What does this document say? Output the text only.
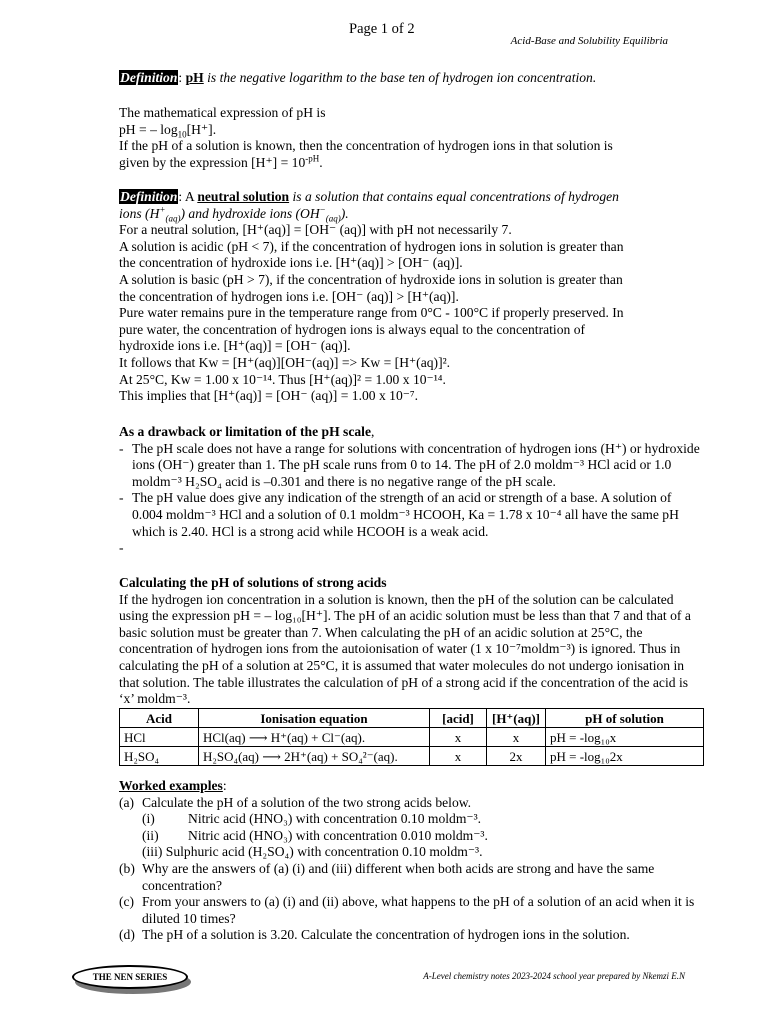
Page 1 of 2
Acid-Base and Solubility Equilibria
Definition: pH is the negative logarithm to the base ten of hydrogen ion concentration.
The mathematical expression of pH is
pH = – $\log_{10}[H^+]$.
If the pH of a solution is known, then the concentration of hydrogen ions in that solution is
given by the expression $[H^+] = 10^{-pH}$.
Definition: A neutral solution is a solution that contains equal concentrations of hydrogen
ions $(H^+_{(aq)})$ and hydroxide ions $(OH^-_{(aq)})$.
For a neutral solution, [H⁺(aq)] = [OH⁻ (aq)] with pH not necessarily 7.
A solution is acidic (pH < 7), if the concentration of hydrogen ions in solution is greater than
the concentration of hydroxide ions i.e. [H⁺(aq)] > [OH⁻ (aq)].
A solution is basic (pH > 7), if the concentration of hydroxide ions in solution is greater than
the concentration of hydrogen ions i.e. [OH⁻ (aq)] > [H⁺(aq)].
Pure water remains pure in the temperature range from 0°C - 100°C if properly preserved. In
pure water, the concentration of hydrogen ions is always equal to the concentration of
hydroxide ions i.e. [H⁺(aq)] = [OH⁻ (aq)].
It follows that Kw = [H⁺(aq)][OH⁻(aq)] => Kw = [H⁺(aq)]².
At 25°C, Kw = 1.00 x 10⁻¹⁴. Thus [H⁺(aq)]² = 1.00 x 10⁻¹⁴.
This implies that [H⁺(aq)] = [OH⁻ (aq)] = 1.00 x 10⁻⁷.
As a drawback or limitation of the pH scale,
- The pH scale does not have a range for solutions with concentration of hydrogen ions (H⁺) or hydroxide ions (OH⁻) greater than 1. The pH scale runs from 0 to 14. The pH of 2.0 moldm⁻³ HCl acid or 1.0 moldm⁻³ H₂SO₄ acid is –0.301 and there is no negative range of the pH scale.
- The pH value does give any indication of the strength of an acid or strength of a base. A solution of 0.004 moldm⁻³ HCl and a solution of 0.1 moldm⁻³ HCOOH, Ka = 1.78 x 10⁻⁴ all have the same pH which is 2.40. HCl is a strong acid while HCOOH is a weak acid.
-
Calculating the pH of solutions of strong acids
If the hydrogen ion concentration in a solution is known, then the pH of the solution can be calculated using the expression pH = – log₁₀[H⁺]. The pH of an acidic solution must be less than that 7 and that of a basic solution must be greater than 7. When calculating the pH of an acidic solution at 25°C, the concentration of hydrogen ions from the autoionisation of water (1 x 10⁻⁷moldm⁻³) is ignored. Thus in calculating the pH of a solution at 25°C, it is assumed that water molecules do not undergo ionisation in that solution. The table illustrates the calculation of pH of a strong acid if the concentration of the acid is ‘x’ moldm⁻³.
Acid	Ionisation equation	[acid]	[H⁺(aq)]	pH of solution
HCl	HCl(aq) ⟶ H⁺(aq) + Cl⁻(aq).	x	x	pH = -log₁₀x
H₂SO₄	H₂SO₄(aq) ⟶ 2H⁺(aq) + SO₄²⁻(aq).	x	2x	pH = -log₁₀2x
Worked examples:
(a) Calculate the pH of a solution of the two strong acids below.
(i) Nitric acid (HNO₃) with concentration 0.10 moldm⁻³.
(ii) Nitric acid (HNO₃) with concentration 0.010 moldm⁻³.
(iii) Sulphuric acid (H₂SO₄) with concentration 0.10 moldm⁻³.
(b) Why are the answers of (a) (i) and (iii) different when both acids are strong and have the same concentration?
(c) From your answers to (a) (i) and (ii) above, what happens to the pH of a solution of an acid when it is diluted 10 times?
(d) The pH of a solution is 3.20. Calculate the concentration of hydrogen ions in the solution.
THE NEN SERIES	A-Level chemistry notes 2023-2024 school year prepared by Nkemzi E.N
